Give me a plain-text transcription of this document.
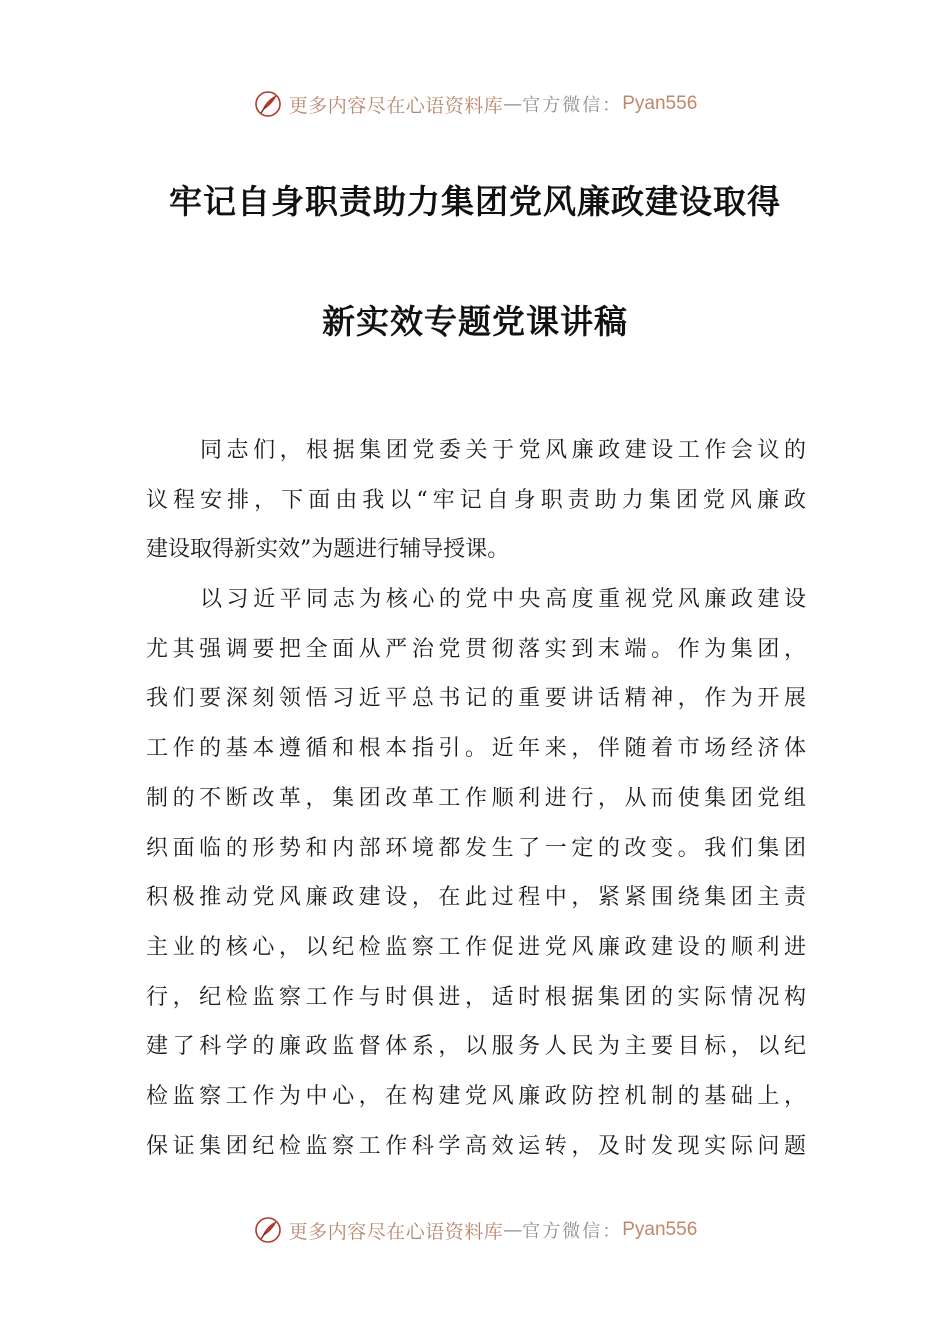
更多内容尽在心语资料库 — 官方微信： Pyan556
牢记自身职责助力集团党风廉政建设取得
新实效专题党课讲稿
同志们，根据集团党委关于党风廉政建设工作会议的
议程安排，下面由我以“牢记自身职责助力集团党风廉政
建设取得新实效”为题进行辅导授课。
以习近平同志为核心的党中央高度重视党风廉政建设
尤其强调要把全面从严治党贯彻落实到末端。作为集团，
我们要深刻领悟习近平总书记的重要讲话精神，作为开展
工作的基本遵循和根本指引。近年来，伴随着市场经济体
制的不断改革，集团改革工作顺利进行，从而使集团党组
织面临的形势和内部环境都发生了一定的改变。我们集团
积极推动党风廉政建设，在此过程中，紧紧围绕集团主责
主业的核心，以纪检监察工作促进党风廉政建设的顺利进
行，纪检监察工作与时俱进，适时根据集团的实际情况构
建了科学的廉政监督体系，以服务人民为主要目标，以纪
检监察工作为中心，在构建党风廉政防控机制的基础上，
保证集团纪检监察工作科学高效运转，及时发现实际问题
更多内容尽在心语资料库 — 官方微信： Pyan556
